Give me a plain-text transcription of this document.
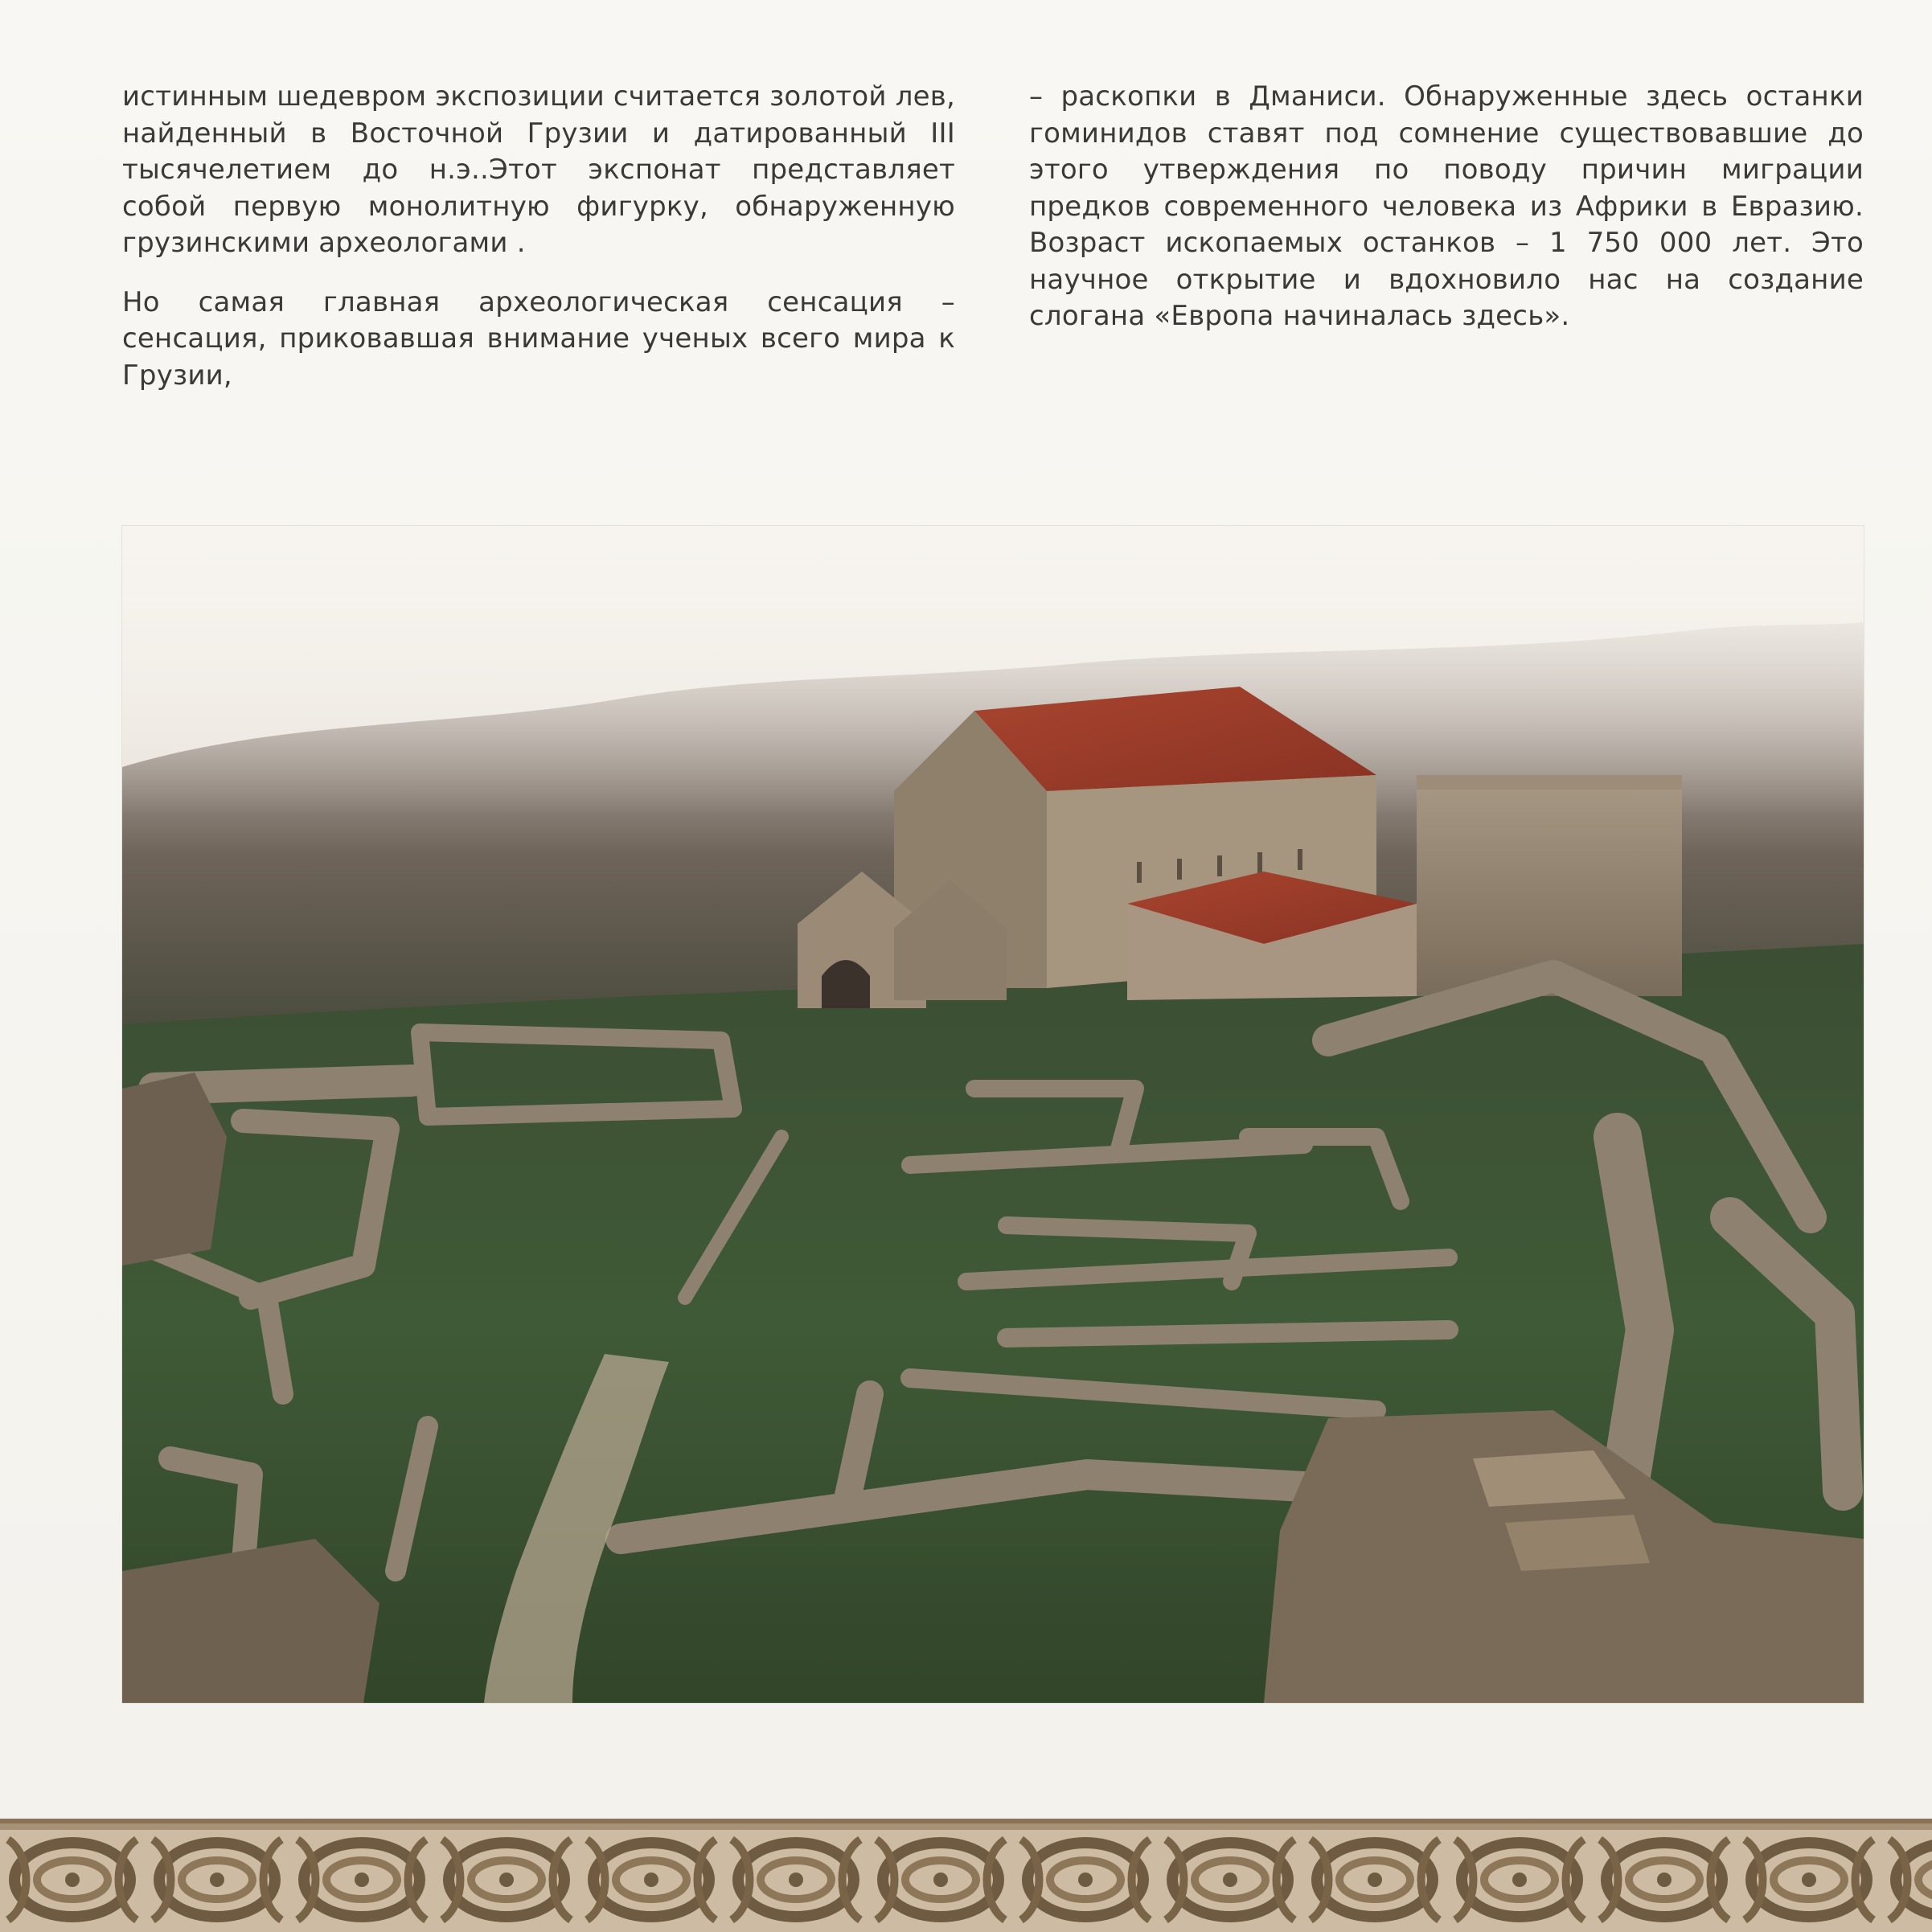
истинным шедевром экспозиции считается золотой лев, найденный в Восточной Грузии и датированный III тысячелетием до н.э..Этот экспонат представляет собой первую монолитную фигурку, обнаруженную грузинскими археологами .

Но самая главная археологическая сенсация – сенсация, приковавшая внимание ученых всего мира к Грузии,

– раскопки в Дманиси. Обнаруженные здесь останки гоминидов ставят под сомнение существовавшие до этого утверждения по поводу причин миграции предков современного человека из Африки в Евразию. Возраст ископаемых останков – 1 750 000 лет. Это научное открытие и вдохновило нас на создание слогана «Европа начиналась здесь».
